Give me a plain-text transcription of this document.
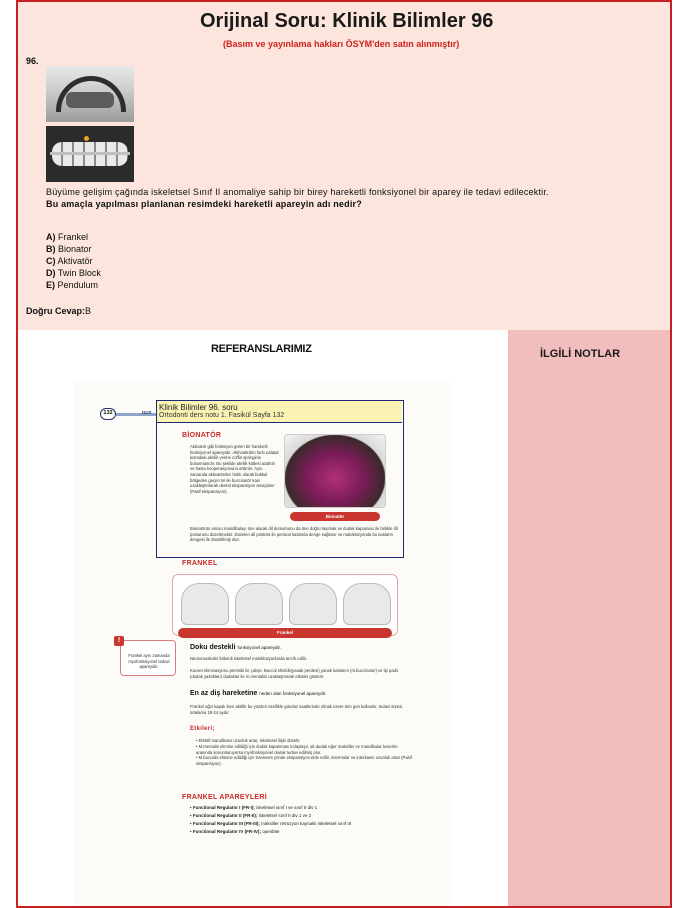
Orijinal Soru: Klinik Bilimler 96
(Basım ve yayınlama hakları ÖSYM'den satın alınmıştır)
96.
Büyüme gelişim çağında iskeletsel Sınıf II anomaliye sahip bir birey hareketli fonksiyonel bir aparey ile tedavi edilecektir.
Bu amaçla yapılması planlanan resimdeki hareketli apareyin adı nedir?
A) Frankel
B) Bionator
C) Aktivatör
D) Twin Block
E) Pendulum
Doğru Cevap:B
REFERANSLARIMIZ	İLGİLİ NOTLAR
132	DUS
Klinik Bilimler 96. soru
Ortodonti ders notu 1. Fasikül Sayfa 132
BİONATÖR
Aktivatör gibi fonksiyon gören bir hareketli fonksiyonel apareyidir. Aktivatörden farkı palatal kısmdaki akrilik yerine coffin springinin bulunmasıdır. Bu şekilde akrilik kütlesi azaltılır ve hasta kooperasyonunu arttırılır. Aynı zamanda aktivatörden farklı olarak bukkal bölgeden geçen tel ile buccinatör kası uzaklaştırılarak dental ekspansiyon amaçlanır (Pasif ekspansiyon).
Bionatör
Bionatörün amacı mandibulayı öne alarak dil dorsumunu da öne doğru taşımak ve dudak kapaması ile birlikte dil posturunu düzeltmektir. Düzelen dil postürü ile perioral kaslarda denge sağlanır ve maloklüzyonda bu kasların dengesi ile düzeltilmiş olur.
FRANKEL
Frankel
Frankel aynı zamanda myofonksiyonel tedavi apareyidir.
!
Doku destekli fonksiyonel apareydir.
Neuromusküler kökenli iskeletsel maloklüzyonlarda tercih edilir.
Kuvvet eliminasyonu prensibi ile çalışır. Buccal shields(yanak perdesi) yanak kaslarını (m.buccinator) ve lip pads (dudak yastıkları) dudaklar ile m.mentalisi uzaklaştırarak etkisini gösterir.
En az diş hareketine neden olan fonksiyonel apareydir.
Frankel ağız kapalı iken aktiftir bu yüzden özellikle gündüz saatlerinde olmak üzere tüm gün kullanılır, tedavi süresi ortalama 18-24 aydır.
Etkileri;
• Efektif mandibular uzunluk artar, iskeletsel ilişki düzelir.
• M.mentalis elimine edildiği için dudak kapanması kolaylaşır, alt dudak eğer maksiller ve mandibular keserler arasında konumlanıyorsa myofonksiyonel olarak tedavi edilmiş olur.
• M.buccalis elimine edildiği için transvers yönde ekspansiyon elde edilir, intermolar ve interkanin uzunluk artar (Pasif ekspansiyon).
FRANKEL APAREYLERİ
• Functional Regulator I (FR-I); iskeletsel sınıf I ve sınıf II div 1
• Functional Regulator II (FR-II); iskeletsel sınıf II div 1 ve 2
• Functional Regulator III (FR-III); maksiller retrüzyon kaynaklı iskeletsel sınıf III
• Functional Regulator IV (FR-IV); openbite
